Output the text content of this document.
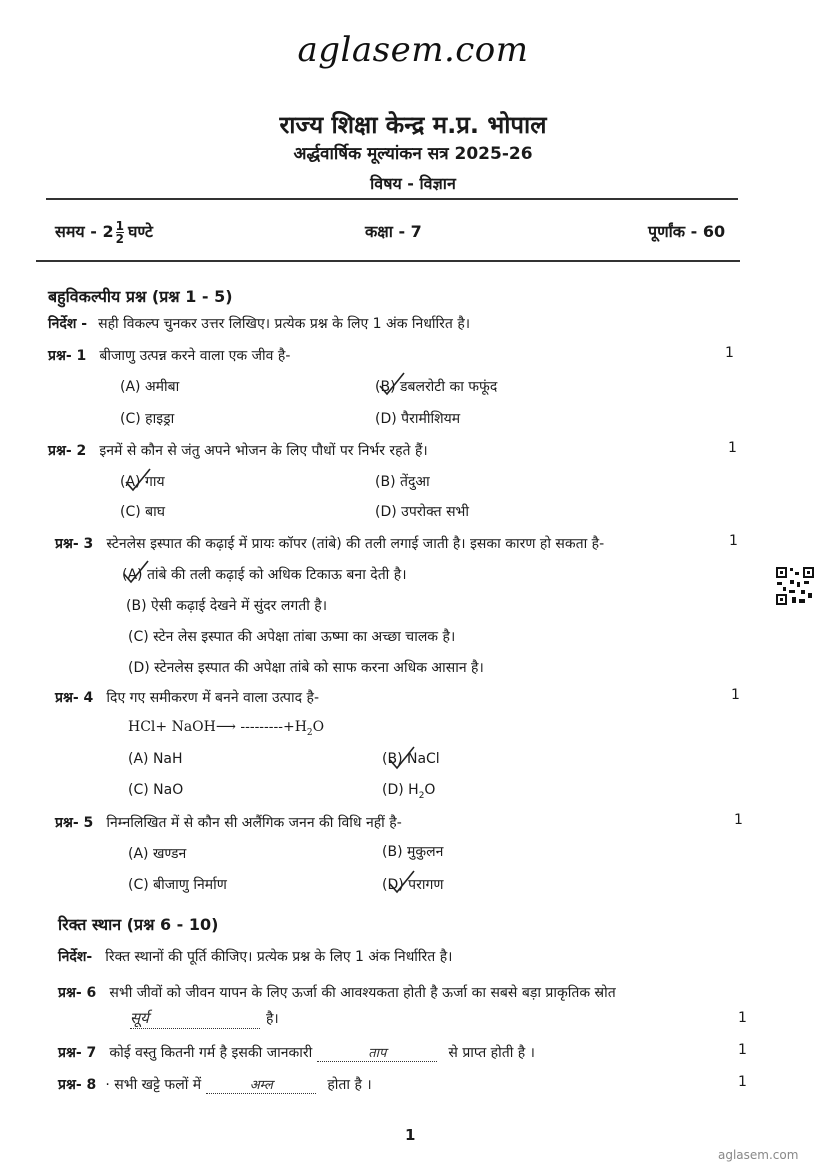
aglasem.com
राज्य शिक्षा केन्द्र म.प्र. भोपाल
अर्द्धवार्षिक मूल्यांकन सत्र 2025-26
विषय - विज्ञान
समय - $2 \frac{1}{2}$ घण्टे	कक्षा - 7	पूर्णांक - 60
बहुविकल्पीय प्रश्न (प्रश्न 1 - 5)
निर्देश - सही विकल्प चुनकर उत्तर लिखिए। प्रत्येक प्रश्न के लिए 1 अंक निर्धारित है।
प्रश्न- 1 बीजाणु उत्पन्न करने वाला एक जीव है-	1
(A) अमीबा	(B) डबलरोटी का फफूंद
(C) हाइड्रा	(D) पैरामीशियम
प्रश्न- 2 इनमें से कौन से जंतु अपने भोजन के लिए पौधों पर निर्भर रहते हैं।	1
(A) गाय	(B) तेंदुआ
(C) बाघ	(D) उपरोक्त सभी
प्रश्न- 3 स्टेनलेस इस्पात की कढ़ाई में प्रायः कॉपर (तांबे) की तली लगाई जाती है। इसका कारण हो सकता है-	1
(A) तांबे की तली कढ़ाई को अधिक टिकाऊ बना देती है।
(B) ऐसी कढ़ाई देखने में सुंदर लगती है।
(C) स्टेन लेस इस्पात की अपेक्षा तांबा ऊष्मा का अच्छा चालक है।
(D) स्टेनलेस इस्पात की अपेक्षा तांबे को साफ करना अधिक आसान है।
प्रश्न- 4 दिए गए समीकरण में बनने वाला उत्पाद है-	1
HCl+ NaOH⟶ $---------+H_2O$
(A) NaH	(B) NaCl
(C) NaO	(D) $H_2O$
प्रश्न- 5 निम्नलिखित में से कौन सी अलैंगिक जनन की विधि नहीं है-	1
(A) खण्डन	(B) मुकुलन
(C) बीजाणु निर्माण	(D) परागण
रिक्त स्थान (प्रश्न 6 - 10)
निर्देश- रिक्त स्थानों की पूर्ति कीजिए। प्रत्येक प्रश्न के लिए 1 अंक निर्धारित है।
प्रश्न- 6 सभी जीवों को जीवन यापन के लिए ऊर्जा की आवश्यकता होती है ऊर्जा का सबसे बड़ा प्राकृतिक स्रोत
सूर्य	है।	1
प्रश्न- 7 कोई वस्तु कितनी गर्म है इसकी जानकारी	ताप	से प्राप्त होती है ।	1
प्रश्न- 8 · सभी खट्टे फलों में	अम्ल	होता है ।	1
1
aglasem.com
